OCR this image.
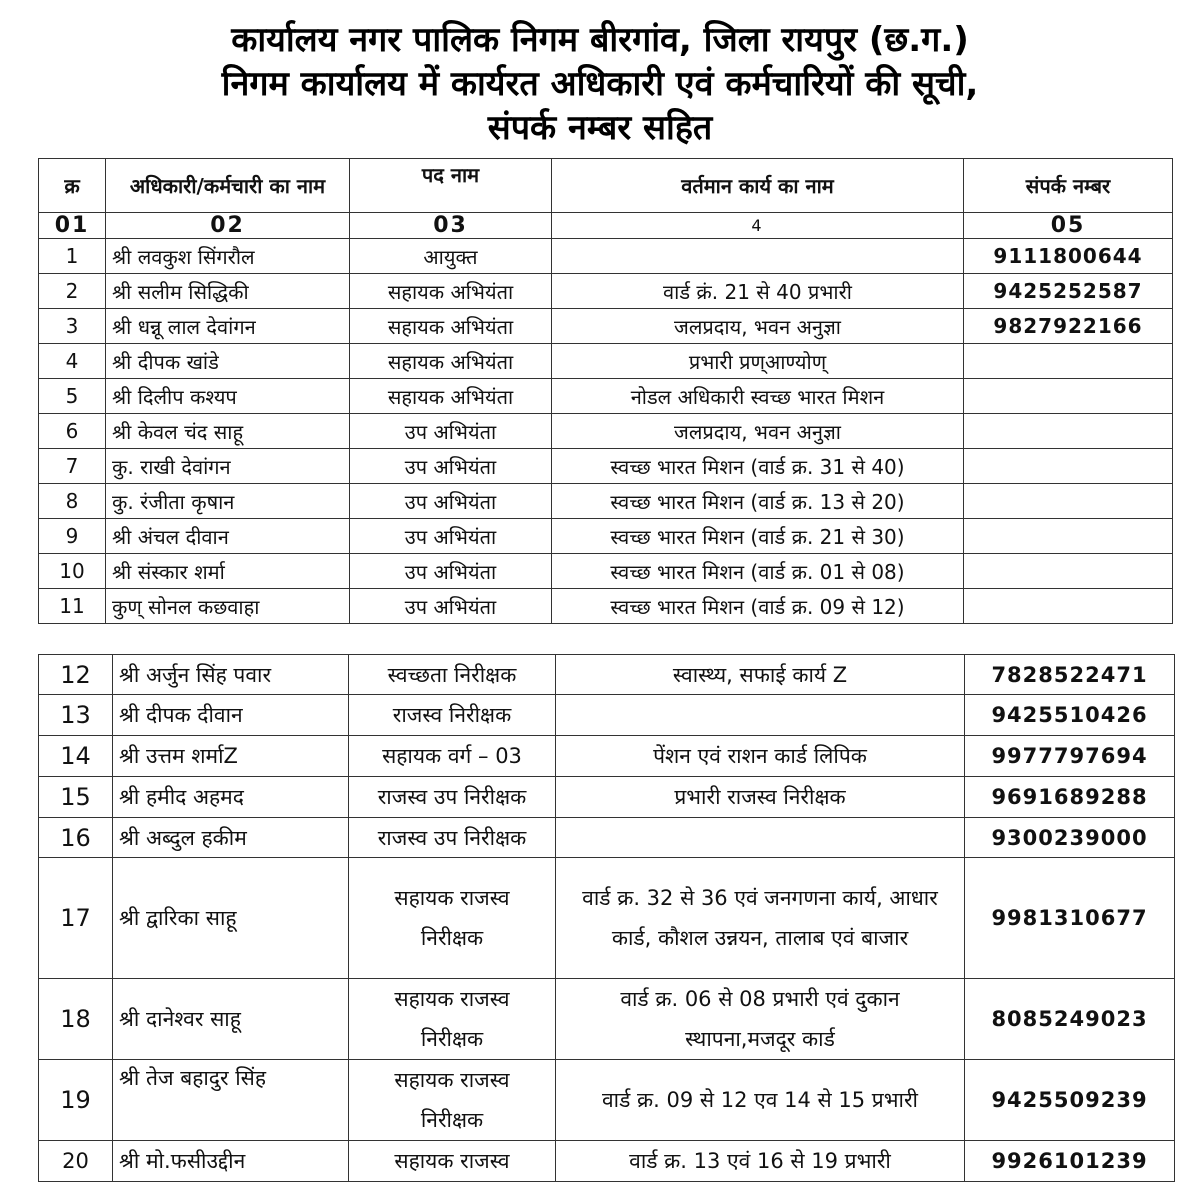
कार्यालय नगर पालिक निगम बीरगांव, जिला रायपुर (छ.ग.)
निगम कार्यालय में कार्यरत अधिकारी एवं कर्मचारियों की सूची,
संपर्क नम्बर सहित
क्र	अधिकारी/कर्मचारी का नाम	पद नाम	वर्तमान कार्य का नाम	संपर्क नम्बर
01	02	03	4	05
1	श्री लवकुश सिंगरौल	आयुक्त		9111800644
2	श्री सलीम सिद्धिकी	सहायक अभियंता	वार्ड क्रं. 21 से 40 प्रभारी	9425252587
3	श्री धन्नू लाल देवांगन	सहायक अभियंता	जलप्रदाय, भवन अनुज्ञा	9827922166
4	श्री दीपक खांडे	सहायक अभियंता	प्रभारी प्रण्आण्योण्	
5	श्री दिलीप कश्यप	सहायक अभियंता	नोडल अधिकारी स्वच्छ भारत मिशन	
6	श्री केवल चंद साहू	उप अभियंता	जलप्रदाय, भवन अनुज्ञा	
7	कु. राखी देवांगन	उप अभियंता	स्वच्छ भारत मिशन (वार्ड क्र. 31 से 40)	
8	कु. रंजीता कृषान	उप अभियंता	स्वच्छ भारत मिशन (वार्ड क्र. 13 से 20)	
9	श्री अंचल दीवान	उप अभियंता	स्वच्छ भारत मिशन (वार्ड क्र. 21 से 30)	
10	श्री संस्कार शर्मा	उप अभियंता	स्वच्छ भारत मिशन (वार्ड क्र. 01 से 08)	
11	कुण् सोनल कछवाहा	उप अभियंता	स्वच्छ भारत मिशन (वार्ड क्र. 09 से 12)	
12	श्री अर्जुन सिंह पवार	स्वच्छता निरीक्षक	स्वास्थ्य, सफाई कार्य Z	7828522471
13	श्री दीपक दीवान	राजस्व निरीक्षक		9425510426
14	श्री उत्तम शर्माZ	सहायक वर्ग – 03	पेंशन एवं राशन कार्ड लिपिक	9977797694
15	श्री हमीद अहमद	राजस्व उप निरीक्षक	प्रभारी राजस्व निरीक्षक	9691689288
16	श्री अब्दुल हकीम	राजस्व उप निरीक्षक		9300239000
17	श्री द्वारिका साहू	सहायक राजस्व निरीक्षक	वार्ड क्र. 32 से 36 एवं जनगणना कार्य, आधार कार्ड, कौशल उन्नयन, तालाब एवं बाजार	9981310677
18	श्री दानेश्वर साहू	सहायक राजस्व निरीक्षक	वार्ड क्र. 06 से 08 प्रभारी एवं दुकान स्थापना,मजदूर कार्ड	8085249023
19	श्री तेज बहादुर सिंह	सहायक राजस्व निरीक्षक	वार्ड क्र. 09 से 12 एव 14 से 15 प्रभारी	9425509239
20	श्री मो.फसीउद्दीन	सहायक राजस्व	वार्ड क्र. 13 एवं 16 से 19 प्रभारी	9926101239
